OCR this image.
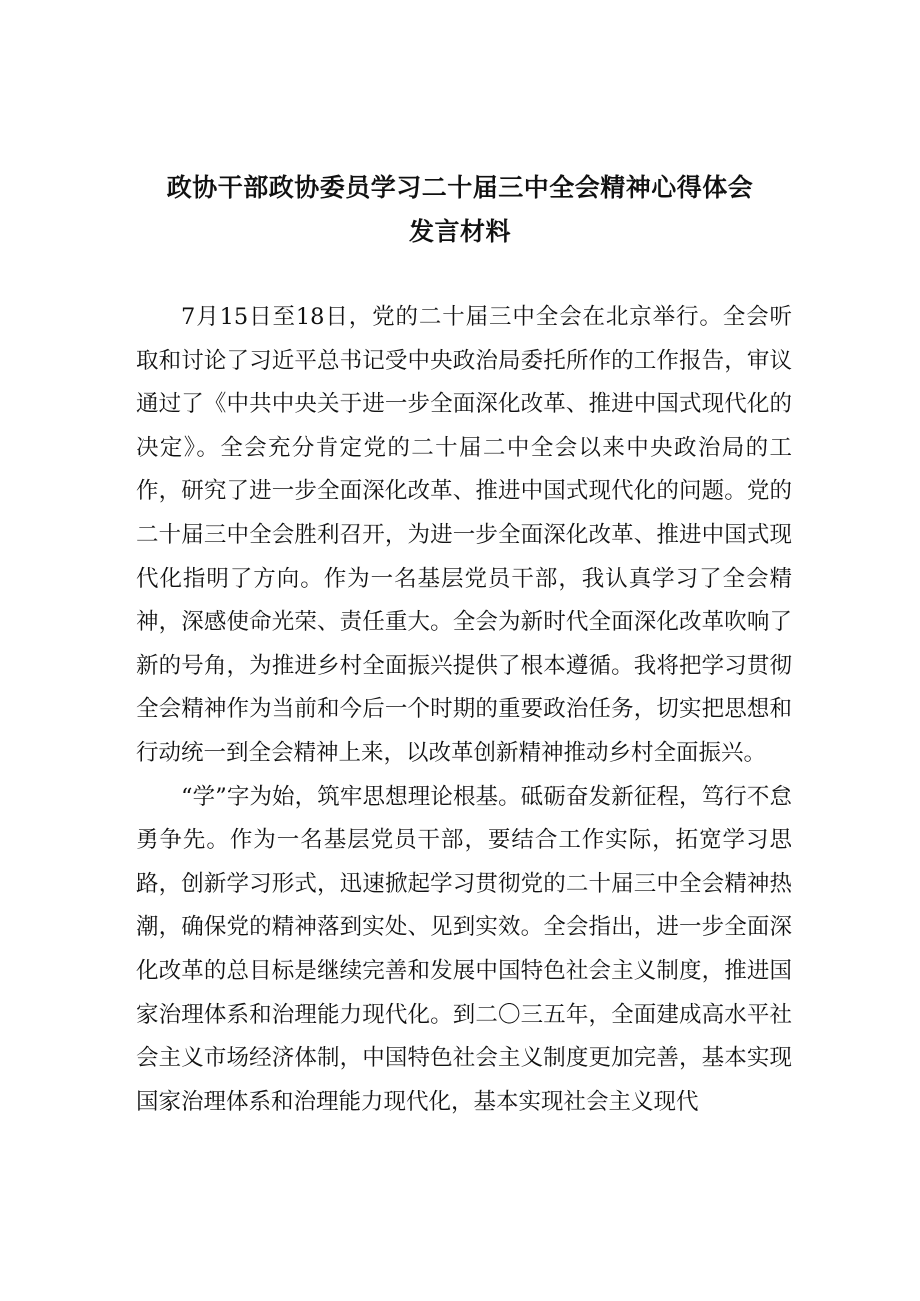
政协干部政协委员学习二十届三中全会精神心得体会
发言材料

7月15日至18日，党的二十届三中全会在北京举行。全会听取和讨论了习近平总书记受中央政治局委托所作的工作报告，审议通过了《中共中央关于进一步全面深化改革、推进中国式现代化的决定》。全会充分肯定党的二十届二中全会以来中央政治局的工作，研究了进一步全面深化改革、推进中国式现代化的问题。党的二十届三中全会胜利召开，为进一步全面深化改革、推进中国式现代化指明了方向。作为一名基层党员干部，我认真学习了全会精神，深感使命光荣、责任重大。全会为新时代全面深化改革吹响了新的号角，为推进乡村全面振兴提供了根本遵循。我将把学习贯彻全会精神作为当前和今后一个时期的重要政治任务，切实把思想和行动统一到全会精神上来，以改革创新精神推动乡村全面振兴。

“学”字为始，筑牢思想理论根基。砥砺奋发新征程，笃行不怠勇争先。作为一名基层党员干部，要结合工作实际，拓宽学习思路，创新学习形式，迅速掀起学习贯彻党的二十届三中全会精神热潮，确保党的精神落到实处、见到实效。全会指出，进一步全面深化改革的总目标是继续完善和发展中国特色社会主义制度，推进国家治理体系和治理能力现代化。到二〇三五年，全面建成高水平社会主义市场经济体制，中国特色社会主义制度更加完善，基本实现国家治理体系和治理能力现代化，基本实现社会主义现代
